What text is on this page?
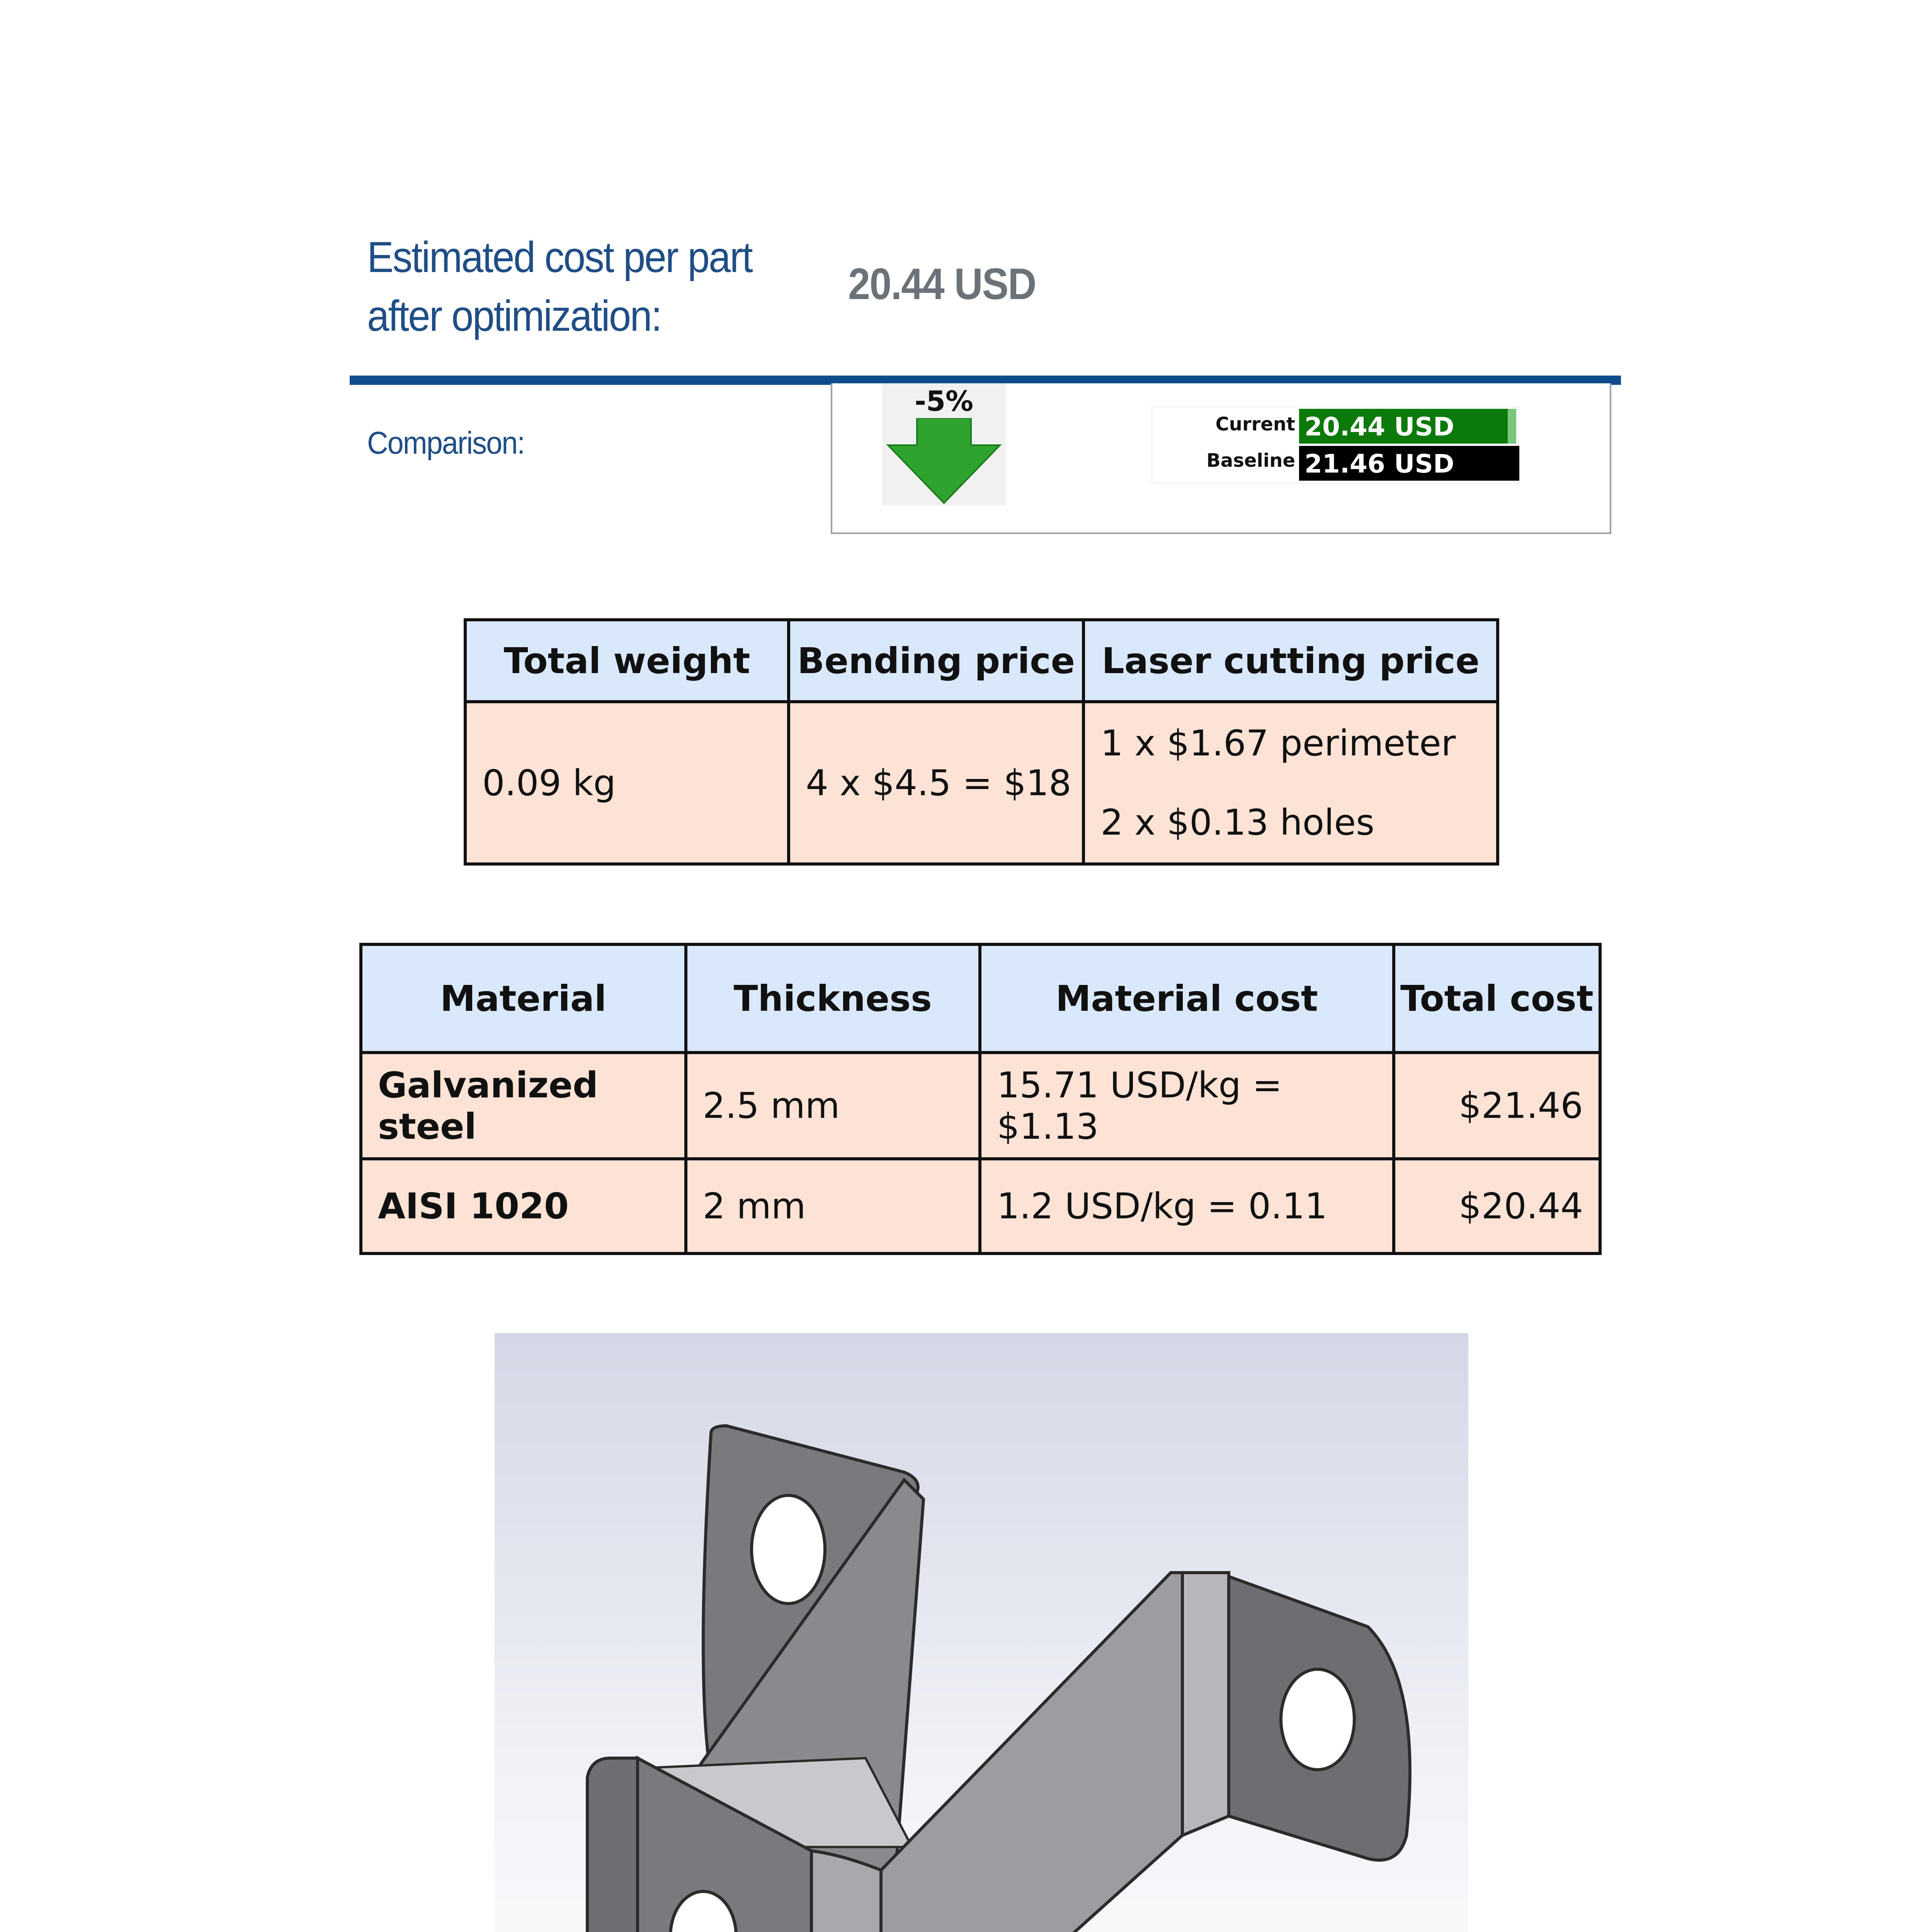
Estimated cost per part
after optimization:
20.44 USD
Comparison:
-5%
Current
Baseline
20.44 USD
21.46 USD
Total weight	Bending price	Laser cutting price
0.09 kg	4 x $4.5 = $18	1 x $1.67 perimeter
2 x $0.13 holes
Material	Thickness	Material cost	Total cost
Galvanized steel	2.5 mm	15.71 USD/kg = $1.13	$21.46
AISI 1020	2 mm	1.2 USD/kg = 0.11	$20.44
